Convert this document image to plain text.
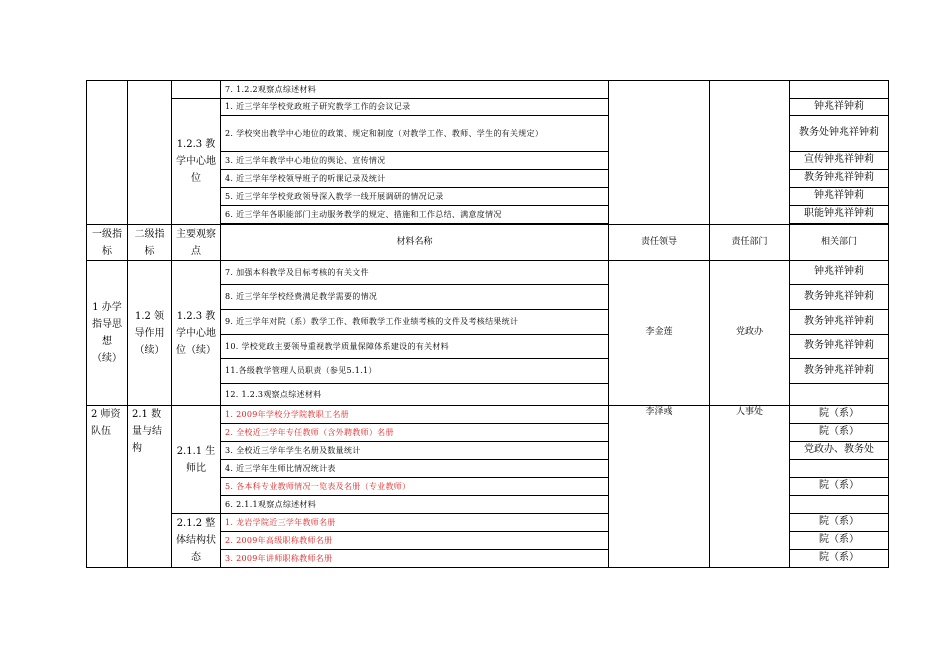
			7. 1.2.2观察点综述材料			
		1.2.3 教学中心地位	1. 近三学年学校党政班子研究教学工作的会议记录			钟兆祥钟莉
			2. 学校突出教学中心地位的政策、规定和制度（对教学工作、教师、学生的有关规定）			教务处钟兆祥钟莉
			3. 近三学年教学中心地位的舆论、宣传情况			宣传钟兆祥钟莉
			4. 近三学年学校领导班子的听课记录及统计			教务钟兆祥钟莉
			5. 近三学年学校党政领导深入教学一线开展调研的情况记录			钟兆祥钟莉
			6. 近三学年各职能部门主动服务教学的规定、措施和工作总结、满意度情况			职能钟兆祥钟莉

一级指标	二级指标	主要观察点	材料名称	责任领导	责任部门	相关部门
1 办学指导思想（续）	1.2 领导作用（续）	1.2.3 教学中心地位（续）	7. 加强本科教学及目标考核的有关文件	李金莲	党政办	钟兆祥钟莉
			8. 近三学年学校经费满足教学需要的情况			教务钟兆祥钟莉
			9. 近三学年对院（系）教学工作、教师教学工作业绩考核的文件及考核结果统计			教务钟兆祥钟莉
			10. 学校党政主要领导重视教学质量保障体系建设的有关材料			教务钟兆祥钟莉
			11.各级教学管理人员职责（参见5.1.1）			教务钟兆祥钟莉
			12. 1.2.3观察点综述材料			
2 师资队伍	2.1 数量与结构	2.1.1 生师比	1. 2009年学校分学院教职工名册	李泽彧	人事处	院（系）
			2. 全校近三学年专任教师（含外聘教师）名册			院（系）
			3. 全校近三学年学生名册及数量统计			党政办、教务处
			4. 近三学年生师比情况统计表			
			5. 各本科专业教师情况一览表及名册（专业教师）			院（系）
			6. 2.1.1观察点综述材料			
		2.1.2 整体结构状态	1. 龙岩学院近三学年教师名册			院（系）
			2. 2009年高级职称教师名册			院（系）
			3. 2009年讲师职称教师名册			院（系）
